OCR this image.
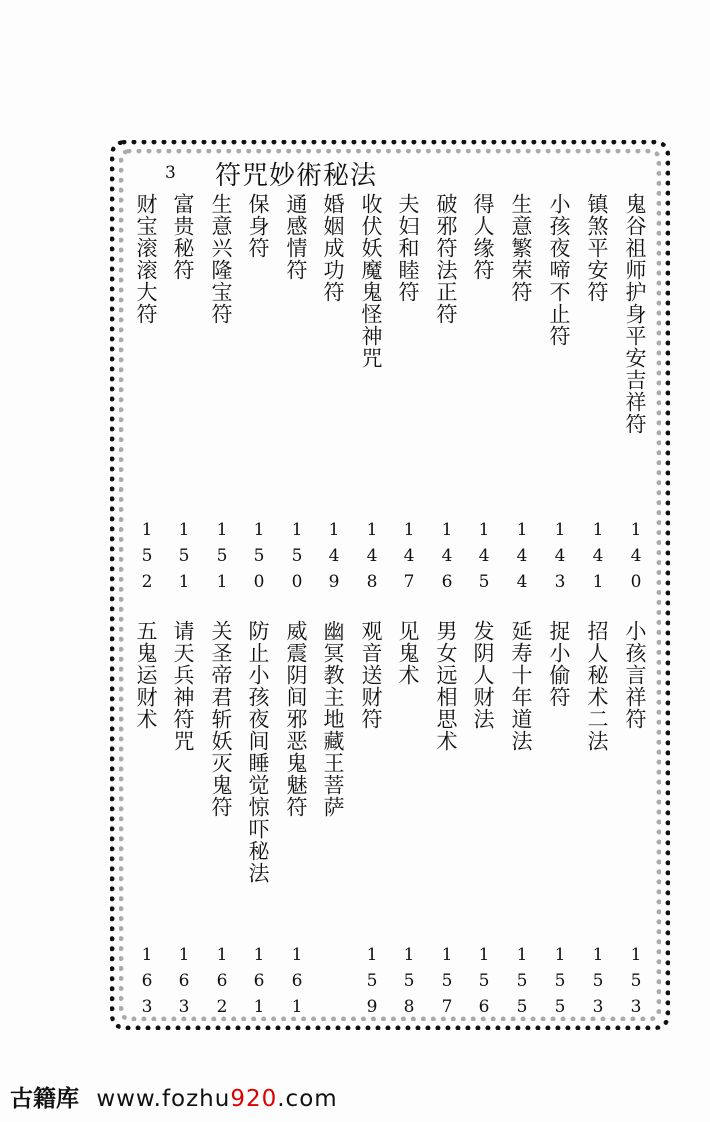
3 符咒妙術秘法
鬼谷祖师护身平安吉祥符
镇煞平安符
小孩夜啼不止符
生意繁荣符
得人缘符
破邪符法正符
夫妇和睦符
收伏妖魔鬼怪神咒
婚姻成功符
通感情符
保身符
生意兴隆宝符
富贵秘符
财宝滚滚大符
140
141
143
144
145
146
147
148
149
150
150
151
151
152
小孩言祥符
招人秘术二法
捉小偷符
延寿十年道法
发阴人财法
男女远相思术
见鬼术
观音送财符
幽冥教主地藏王菩萨
威震阴间邪恶鬼魅符
防止小孩夜间睡觉惊吓秘法
关圣帝君斩妖灭鬼符
请天兵神符咒
五鬼运财术
153
153
155
155
156
157
158
159
161
161
162
163
163
古籍库 www.fozhu920.com
